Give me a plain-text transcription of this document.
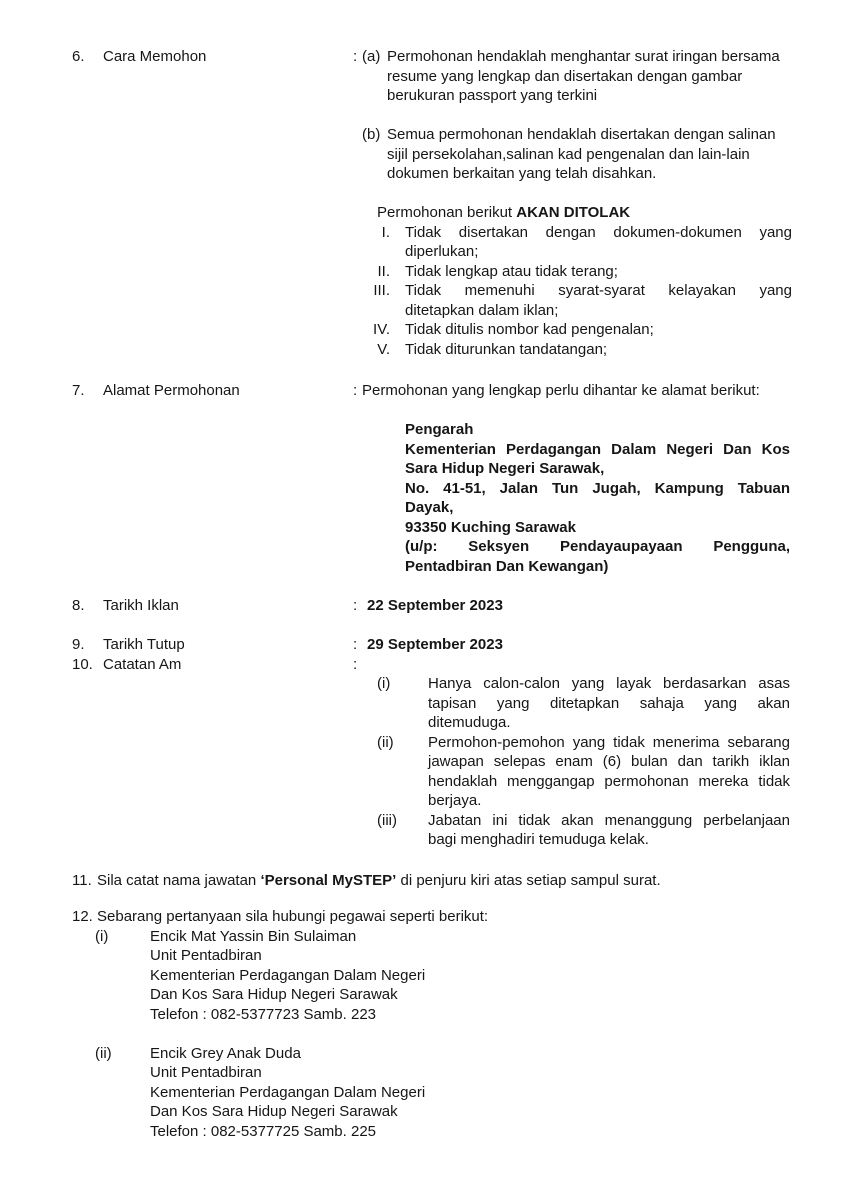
6.	Cara Memohon	: (a) Permohonan hendaklah menghantar surat iringan bersama
resume yang lengkap dan disertakan dengan gambar
berukuran passport yang terkini
(b) Semua permohonan hendaklah disertakan dengan salinan
sijil persekolahan,salinan kad pengenalan dan lain-lain
dokumen berkaitan yang telah disahkan.
Permohonan berikut AKAN DITOLAK
I. Tidak disertakan dengan dokumen-dokumen yang
diperlukan;
II. Tidak lengkap atau tidak terang;
III. Tidak memenuhi syarat-syarat kelayakan yang
ditetapkan dalam iklan;
IV. Tidak ditulis nombor kad pengenalan;
V. Tidak diturunkan tandatangan;
7.	Alamat Permohonan	: Permohonan yang lengkap perlu dihantar ke alamat berikut:
Pengarah
Kementerian Perdagangan Dalam Negeri Dan Kos
Sara Hidup Negeri Sarawak,
No. 41-51, Jalan Tun Jugah, Kampung Tabuan
Dayak,
93350 Kuching Sarawak
(u/p: Seksyen Pendayaupayaan Pengguna,
Pentadbiran Dan Kewangan)
8.	Tarikh Iklan	: 22 September 2023
9.	Tarikh Tutup	: 29 September 2023
10. Catatan Am	:
(i)	Hanya calon-calon yang layak berdasarkan asas
tapisan yang ditetapkan sahaja yang akan
ditemuduga.
(ii)	Permohon-pemohon yang tidak menerima sebarang
jawapan selepas enam (6) bulan dan tarikh iklan
hendaklah menggangap permohonan mereka tidak
berjaya.
(iii)	Jabatan ini tidak akan menanggung perbelanjaan
bagi menghadiri temuduga kelak.
11. Sila catat nama jawatan ‘Personal MySTEP’ di penjuru kiri atas setiap sampul surat.
12. Sebarang pertanyaan sila hubungi pegawai seperti berikut:
(i)	Encik Mat Yassin Bin Sulaiman
Unit Pentadbiran
Kementerian Perdagangan Dalam Negeri
Dan Kos Sara Hidup Negeri Sarawak
Telefon : 082-5377723 Samb. 223
(ii)	Encik Grey Anak Duda
Unit Pentadbiran
Kementerian Perdagangan Dalam Negeri
Dan Kos Sara Hidup Negeri Sarawak
Telefon : 082-5377725 Samb. 225
